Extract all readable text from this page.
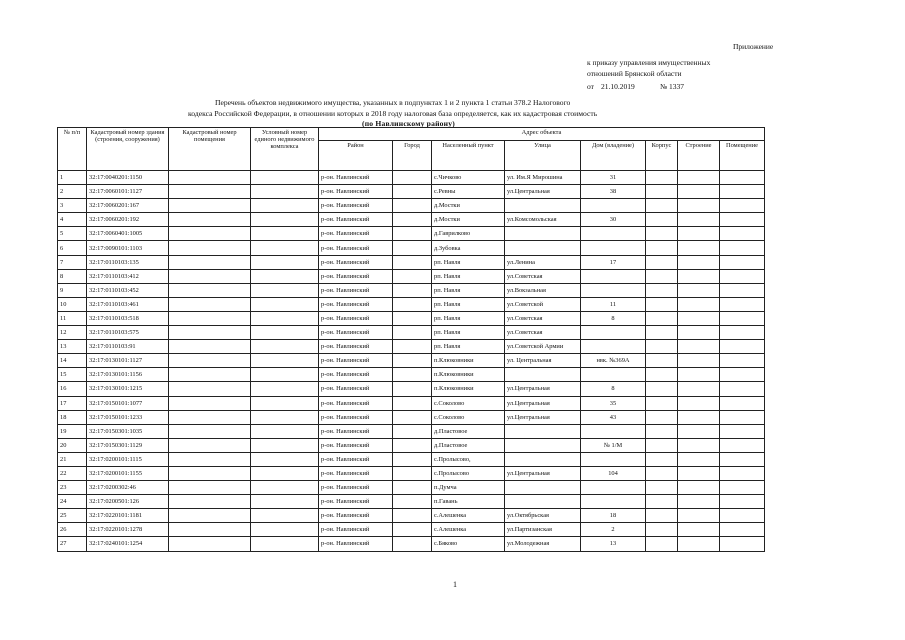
Приложение
к приказу управления имущественных
отношений Брянской области
от 21.10.2019	№ 1337
Перечень объектов недвижимого имущества, указанных в подпунктах 1 и 2 пункта 1 статьи 378.2 Налогового
кодекса Российской Федерации, в отношении которых в 2018 году налоговая база определяется, как их кадастровая стоимость
(по Навлинскому району)
№ п/п	Кадастровый номер здания (строения, сооружения)	Кадастровый номер помещения	Условный номер единого недвижимого комплекса	Адрес объекта							
				Район	Город	Населенный пункт	Улица	Дом (владение)	Корпус	Строение	Помещение
1	32:17:0040201:1150			р-он. Навлинский		с.Чичково	ул. Им.Я Мирошина	31			
2	32:17:0060101:1127			р-он. Навлинский		с.Ревны	ул.Центральная	38			
3	32:17:0060201:167			р-он. Навлинский		д.Мостки					
4	32:17:0060201:192			р-он. Навлинский		д.Мостки	ул.Комсомольская	30			
5	32:17:0060401:1005			р-он. Навлинский		д.Гаврилково					
6	32:17:0090101:1103			р-он. Навлинский		д.Зубовка					
7	32:17:0110103:135			р-он. Навлинский		рп. Навля	ул.Ленина	17			
8	32:17:0110103:412			р-он. Навлинский		рп. Навля	ул.Советская				
9	32:17:0110103:452			р-он. Навлинский		рп. Навля	ул.Вокзальная				
10	32:17:0110103:461			р-он. Навлинский		рп. Навля	ул.Советской	11			
11	32:17:0110103:518			р-он. Навлинский		рп. Навля	ул.Советская	8			
12	32:17:0110103:575			р-он. Навлинский		рп. Навля	ул.Советская				
13	32:17:0110103:91			р-он. Навлинский		рп. Навля	ул.Советской Армии				
14	32:17:0130101:1127			р-он. Навлинский		п.Клюковники	ул. Центральная	нвк. №369А			
15	32:17:0130101:1156			р-он. Навлинский		п.Клюковники					
16	32:17:0130101:1215			р-он. Навлинский		п.Клюковники	ул.Центральная	8			
17	32:17:0150101:1077			р-он. Навлинский		с.Соколово	ул.Центральная	35			
18	32:17:0150101:1233			р-он. Навлинский		с.Соколово	ул.Центральная	43			
19	32:17:0150301:1035			р-он. Навлинский		д.Пластовое					
20	32:17:0150301:1129			р-он. Навлинский		д.Пластовое		№ 1/М			
21	32:17:0200101:1115			р-он. Навлинский		с.Пролысово,					
22	32:17:0200101:1155			р-он. Навлинский		с.Пролысово	ул.Центральная	104			
23	32:17:0200302:46			р-он. Навлинский		п.Думча					
24	32:17:0200501:126			р-он. Навлинский		п.Гавань					
25	32:17:0220101:1181			р-он. Навлинский		с.Алешенка	ул.Октябрьская	18			
26	32:17:0220101:1278			р-он. Навлинский		с.Алешенка	ул.Партизанская	2			
27	32:17:0240101:1254			р-он. Навлинский		с.Бяково	ул.Молодежная	13			
1
